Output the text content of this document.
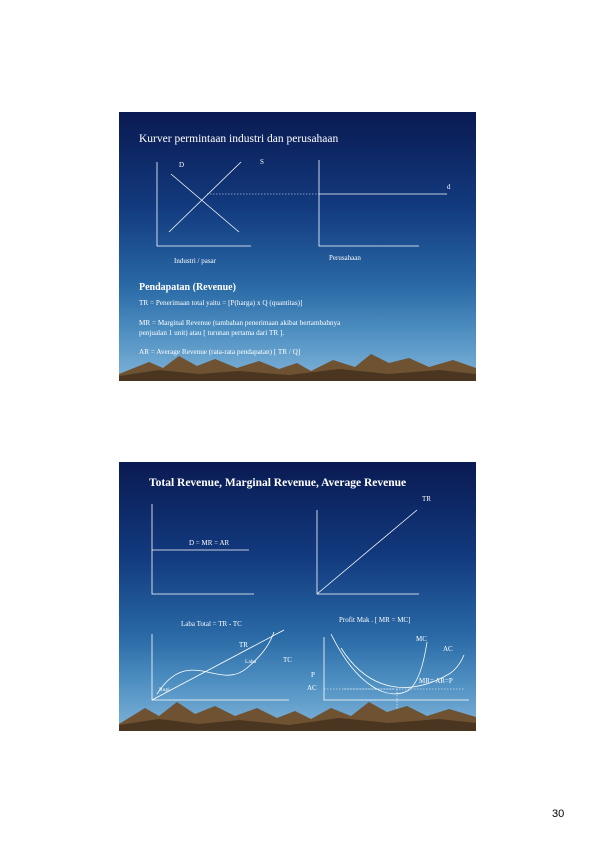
Kurver permintaan industri dan perusahaan
D	S
d
Industri / pasar	Perusahaan
Pendapatan (Revenue)
TR = Penerimaan total yaitu = [P(harga) x Q (quantitas)]
MR = Marginal Revenue (tambahan penerimaan akibat bertambahnya
penjualan 1 unit) atau [ turunan pertama dari TR ].
AR = Average Revenue (rata-rata pendapatan) [ TR / Q]
Total Revenue, Marginal Revenue, Average Revenue
TR
D = MR = AR
Laba Total = TR - TC	Profit Mak . [ MR = MC]
TR
Laba	TC
Rugi
MC
AC
P
AC
MR= AR=P
30
